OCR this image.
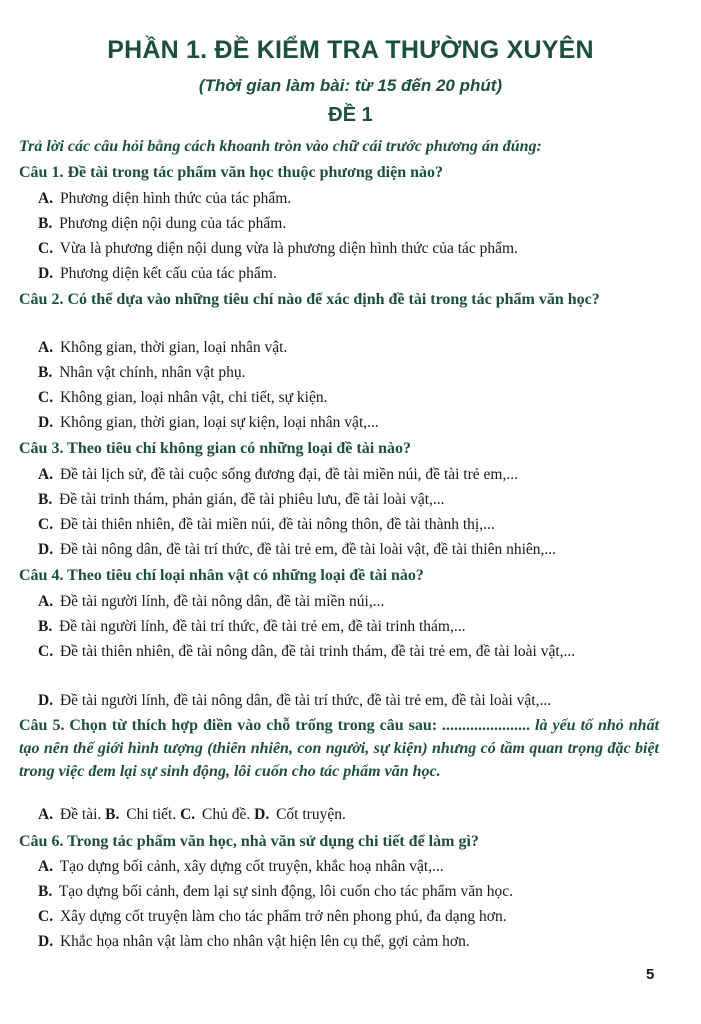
PHẦN 1. ĐỀ KIỂM TRA THƯỜNG XUYÊN
(Thời gian làm bài: từ 15 đến 20 phút)
ĐỀ 1
Trả lời các câu hỏi bằng cách khoanh tròn vào chữ cái trước phương án đúng:
Câu 1. Đề tài trong tác phẩm văn học thuộc phương diện nào?
A. Phương diện hình thức của tác phẩm.
B. Phương diện nội dung của tác phẩm.
C. Vừa là phương diện nội dung vừa là phương diện hình thức của tác phẩm.
D. Phương diện kết cấu của tác phẩm.
Câu 2. Có thể dựa vào những tiêu chí nào để xác định đề tài trong tác phẩm văn học?
A. Không gian, thời gian, loại nhân vật.
B. Nhân vật chính, nhân vật phụ.
C. Không gian, loại nhân vật, chi tiết, sự kiện.
D. Không gian, thời gian, loại sự kiện, loại nhân vật,...
Câu 3. Theo tiêu chí không gian có những loại đề tài nào?
A. Đề tài lịch sử, đề tài cuộc sống đương đại, đề tài miền núi, đề tài trẻ em,...
B. Đề tài trinh thám, phản gián, đề tài phiêu lưu, đề tài loài vật,...
C. Đề tài thiên nhiên, đề tài miền núi, đề tài nông thôn, đề tài thành thị,...
D. Đề tài nông dân, đề tài trí thức, đề tài trẻ em, đề tài loài vật, đề tài thiên nhiên,...
Câu 4. Theo tiêu chí loại nhân vật có những loại đề tài nào?
A. Đề tài người lính, đề tài nông dân, đề tài miền núi,...
B. Đề tài người lính, đề tài trí thức, đề tài trẻ em, đề tài trinh thám,...
C. Đề tài thiên nhiên, đề tài nông dân, đề tài trinh thám, đề tài trẻ em, đề tài loài vật,...
D. Đề tài người lính, đề tài nông dân, đề tài trí thức, đề tài trẻ em, đề tài loài vật,...
Câu 5. Chọn từ thích hợp điền vào chỗ trống trong câu sau: ...................... là yếu tố nhỏ nhất tạo nên thế giới hình tượng (thiên nhiên, con người, sự kiện) nhưng có tầm quan trọng đặc biệt trong việc đem lại sự sinh động, lôi cuốn cho tác phẩm văn học.
A. Đề tài. B. Chi tiết. C. Chủ đề. D. Cốt truyện.
Câu 6. Trong tác phẩm văn học, nhà văn sử dụng chi tiết để làm gì?
A. Tạo dựng bối cảnh, xây dựng cốt truyện, khắc hoạ nhân vật,...
B. Tạo dựng bối cảnh, đem lại sự sinh động, lôi cuốn cho tác phẩm văn học.
C. Xây dựng cốt truyện làm cho tác phẩm trở nên phong phú, đa dạng hơn.
D. Khắc họa nhân vật làm cho nhân vật hiện lên cụ thể, gợi cảm hơn.
5
